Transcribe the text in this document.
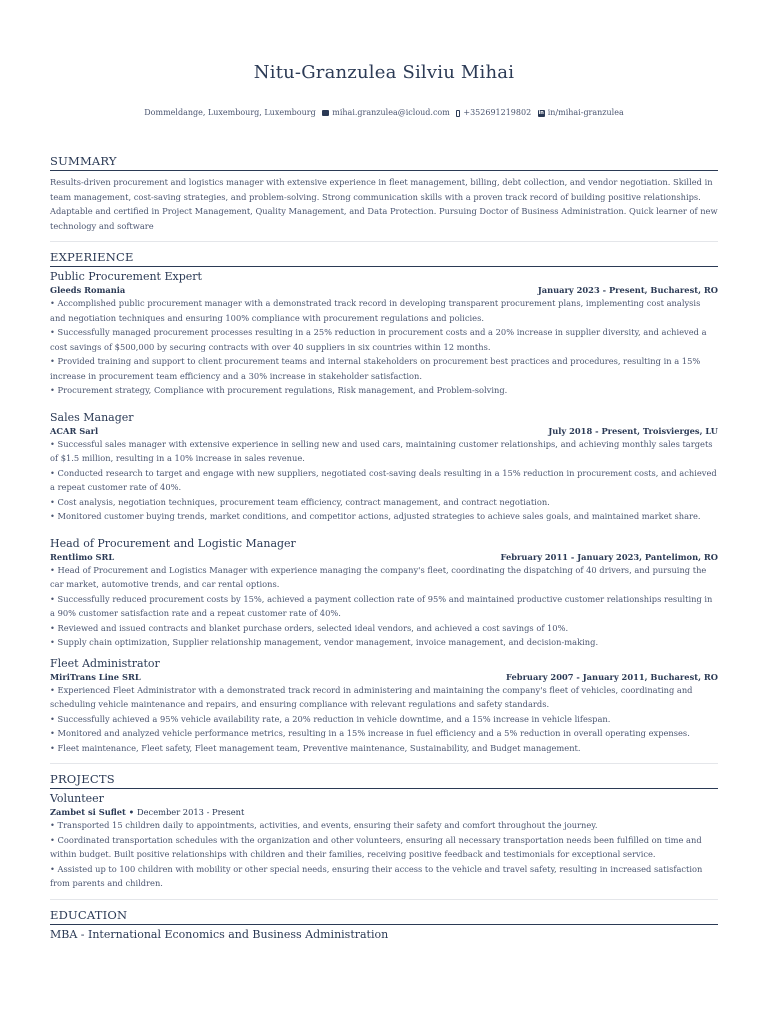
Nitu-Granzulea Silviu Mihai
Dommeldange, Luxembourg, Luxembourg mihai.granzulea@icloud.com +352691219802 in in/mihai-granzulea
SUMMARY
Results-driven procurement and logistics manager with extensive experience in fleet management, billing, debt collection, and vendor negotiation. Skilled in team management, cost-saving strategies, and problem-solving. Strong communication skills with a proven track record of building positive relationships. Adaptable and certified in Project Management, Quality Management, and Data Protection. Pursuing Doctor of Business Administration. Quick learner of new technology and software
EXPERIENCE
Public Procurement Expert
Gleeds Romania	January 2023 - Present, Bucharest, RO
• Accomplished public procurement manager with a demonstrated track record in developing transparent procurement plans, implementing cost analysis and negotiation techniques and ensuring 100% compliance with procurement regulations and policies.
• Successfully managed procurement processes resulting in a 25% reduction in procurement costs and a 20% increase in supplier diversity, and achieved a cost savings of $500,000 by securing contracts with over 40 suppliers in six countries within 12 months.
• Provided training and support to client procurement teams and internal stakeholders on procurement best practices and procedures, resulting in a 15% increase in procurement team efficiency and a 30% increase in stakeholder satisfaction.
• Procurement strategy, Compliance with procurement regulations, Risk management, and Problem-solving.
Sales Manager
ACAR Sarl	July 2018 - Present, Troisvierges, LU
• Successful sales manager with extensive experience in selling new and used cars, maintaining customer relationships, and achieving monthly sales targets of $1.5 million, resulting in a 10% increase in sales revenue.
• Conducted research to target and engage with new suppliers, negotiated cost-saving deals resulting in a 15% reduction in procurement costs, and achieved a repeat customer rate of 40%.
• Cost analysis, negotiation techniques, procurement team efficiency, contract management, and contract negotiation.
• Monitored customer buying trends, market conditions, and competitor actions, adjusted strategies to achieve sales goals, and maintained market share.
Head of Procurement and Logistic Manager
Rentlimo SRL	February 2011 - January 2023, Pantelimon, RO
• Head of Procurement and Logistics Manager with experience managing the company's fleet, coordinating the dispatching of 40 drivers, and pursuing the car market, automotive trends, and car rental options.
• Successfully reduced procurement costs by 15%, achieved a payment collection rate of 95% and maintained productive customer relationships resulting in a 90% customer satisfaction rate and a repeat customer rate of 40%.
• Reviewed and issued contracts and blanket purchase orders, selected ideal vendors, and achieved a cost savings of 10%.
• Supply chain optimization, Supplier relationship management, vendor management, invoice management, and decision-making.
Fleet Administrator
MiriTrans Line SRL	February 2007 - January 2011, Bucharest, RO
• Experienced Fleet Administrator with a demonstrated track record in administering and maintaining the company's fleet of vehicles, coordinating and scheduling vehicle maintenance and repairs, and ensuring compliance with relevant regulations and safety standards.
• Successfully achieved a 95% vehicle availability rate, a 20% reduction in vehicle downtime, and a 15% increase in vehicle lifespan.
• Monitored and analyzed vehicle performance metrics, resulting in a 15% increase in fuel efficiency and a 5% reduction in overall operating expenses.
• Fleet maintenance, Fleet safety, Fleet management team, Preventive maintenance, Sustainability, and Budget management.
PROJECTS
Volunteer
Zambet si Suflet • December 2013 - Present
• Transported 15 children daily to appointments, activities, and events, ensuring their safety and comfort throughout the journey.
• Coordinated transportation schedules with the organization and other volunteers, ensuring all necessary transportation needs been fulfilled on time and within budget. Built positive relationships with children and their families, receiving positive feedback and testimonials for exceptional service.
• Assisted up to 100 children with mobility or other special needs, ensuring their access to the vehicle and travel safety, resulting in increased satisfaction from parents and children.
EDUCATION
MBA - International Economics and Business Administration
